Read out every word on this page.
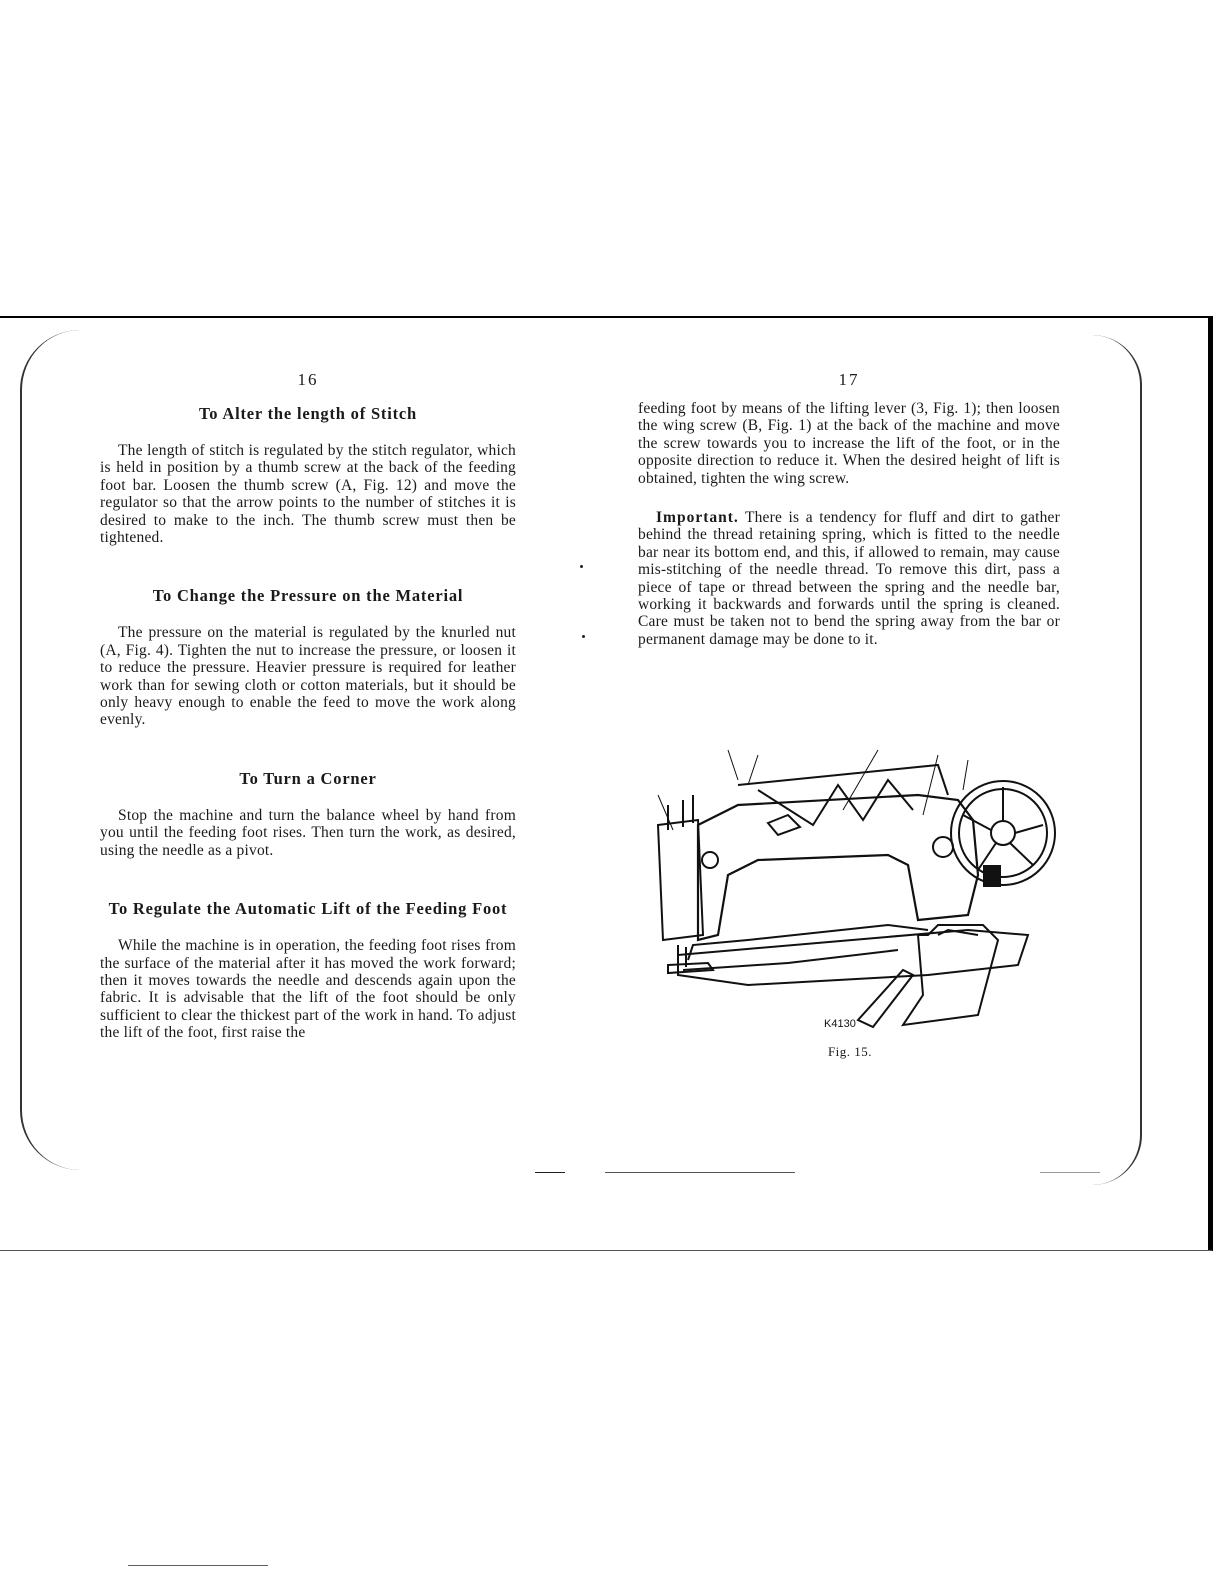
16

To Alter the length of Stitch

The length of stitch is regulated by the stitch regulator, which is held in position by a thumb screw at the back of the feeding foot bar. Loosen the thumb screw (A, Fig. 12) and move the regulator so that the arrow points to the number of stitches it is desired to make to the inch. The thumb screw must then be tightened.

To Change the Pressure on the Material

The pressure on the material is regulated by the knurled nut (A, Fig. 4). Tighten the nut to increase the pressure, or loosen it to reduce the pressure. Heavier pressure is required for leather work than for sewing cloth or cotton materials, but it should be only heavy enough to enable the feed to move the work along evenly.

To Turn a Corner

Stop the machine and turn the balance wheel by hand from you until the feeding foot rises. Then turn the work, as desired, using the needle as a pivot.

To Regulate the Automatic Lift of the Feeding Foot

While the machine is in operation, the feeding foot rises from the surface of the material after it has moved the work forward; then it moves towards the needle and descends again upon the fabric. It is advisable that the lift of the foot should be only sufficient to clear the thickest part of the work in hand. To adjust the lift of the foot, first raise the

17

feeding foot by means of the lifting lever (3, Fig. 1); then loosen the wing screw (B, Fig. 1) at the back of the machine and move the screw towards you to increase the lift of the foot, or in the opposite direction to reduce it. When the desired height of lift is obtained, tighten the wing screw.

Important. There is a tendency for fluff and dirt to gather behind the thread retaining spring, which is fitted to the needle bar near its bottom end, and this, if allowed to remain, may cause mis-stitching of the needle thread. To remove this dirt, pass a piece of tape or thread between the spring and the needle bar, working it backwards and forwards until the spring is cleaned. Care must be taken not to bend the spring away from the bar or permanent damage may be done to it.

K4130
Fig. 15.
